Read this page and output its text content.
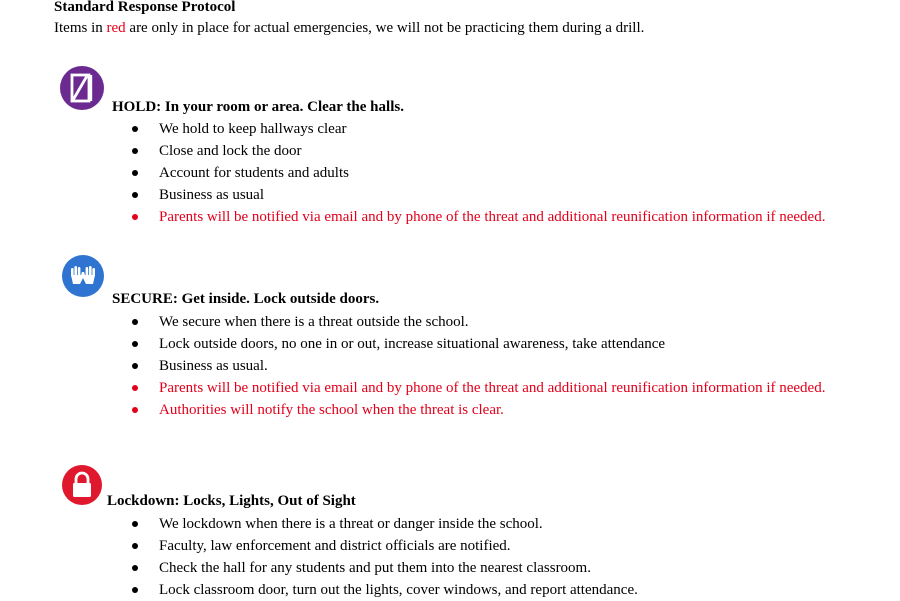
Standard Response Protocol

Items in red are only in place for actual emergencies, we will not be practicing them during a drill.

HOLD: In your room or area. Clear the halls.
We hold to keep hallways clear
Close and lock the door
Account for students and adults
Business as usual
Parents will be notified via email and by phone of the threat and additional reunification information if needed.
SECURE: Get inside. Lock outside doors.
We secure when there is a threat outside the school.
Lock outside doors, no one in or out, increase situational awareness, take attendance
Business as usual.
Parents will be notified via email and by phone of the threat and additional reunification information if needed.
Authorities will notify the school when the threat is clear.
Lockdown: Locks, Lights, Out of Sight
We lockdown when there is a threat or danger inside the school.
Faculty, law enforcement and district officials are notified.
Check the hall for any students and put them into the nearest classroom.
Lock classroom door, turn out the lights, cover windows, and report attendance.
